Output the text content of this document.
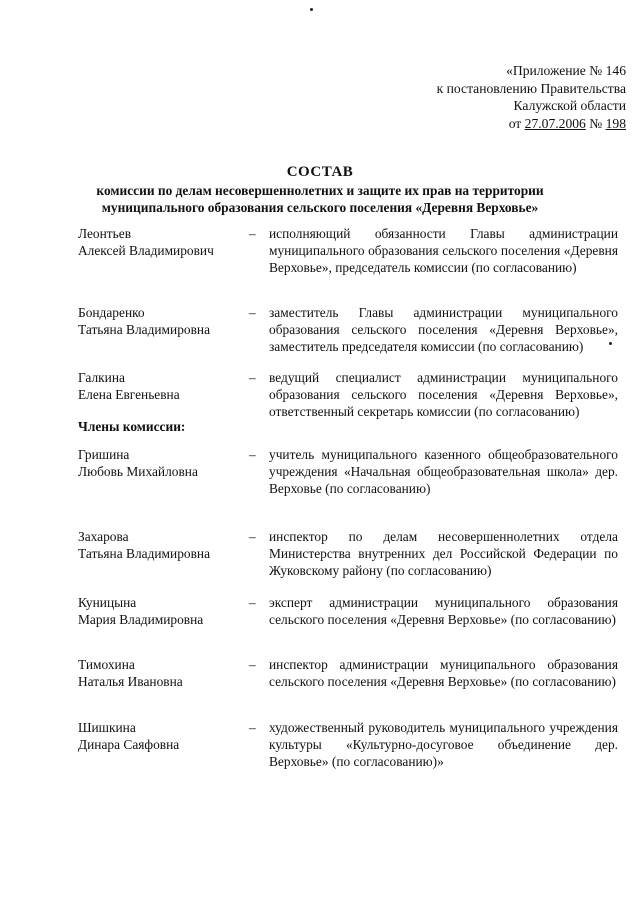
«Приложение № 146
к постановлению Правительства
Калужской области
от 27.07.2006 № 198
СОСТАВ
комиссии по делам несовершеннолетних и защите их прав на территории
муниципального образования сельского поселения «Деревня Верховье»
Леонтьев
Алексей Владимирович
– исполняющий обязанности Главы администрации муниципального образования сельского поселения «Деревня Верховье», председатель комиссии (по согласованию)
Бондаренко
Татьяна Владимировна
– заместитель Главы администрации муниципального образования сельского поселения «Деревня Верховье», заместитель председателя комиссии (по согласованию)
Галкина
Елена Евгеньевна
– ведущий специалист администрации муниципального образования сельского поселения «Деревня Верховье», ответственный секретарь комиссии (по согласованию)
Члены комиссии:
Гришина
Любовь Михайловна
– учитель муниципального казенного общеобразовательного учреждения «Начальная общеобразовательная школа» дер. Верховье (по согласованию)
Захарова
Татьяна Владимировна
– инспектор по делам несовершеннолетних отдела Министерства внутренних дел Российской Федерации по Жуковскому району (по согласованию)
Куницына
Мария Владимировна
– эксперт администрации муниципального образования сельского поселения «Деревня Верховье» (по согласованию)
Тимохина
Наталья Ивановна
– инспектор администрации муниципального образования сельского поселения «Деревня Верховье» (по согласованию)
Шишкина
Динара Саяфовна
– художественный руководитель муниципального учреждения культуры «Культурно-досуговое объединение дер. Верховье» (по согласованию)»
